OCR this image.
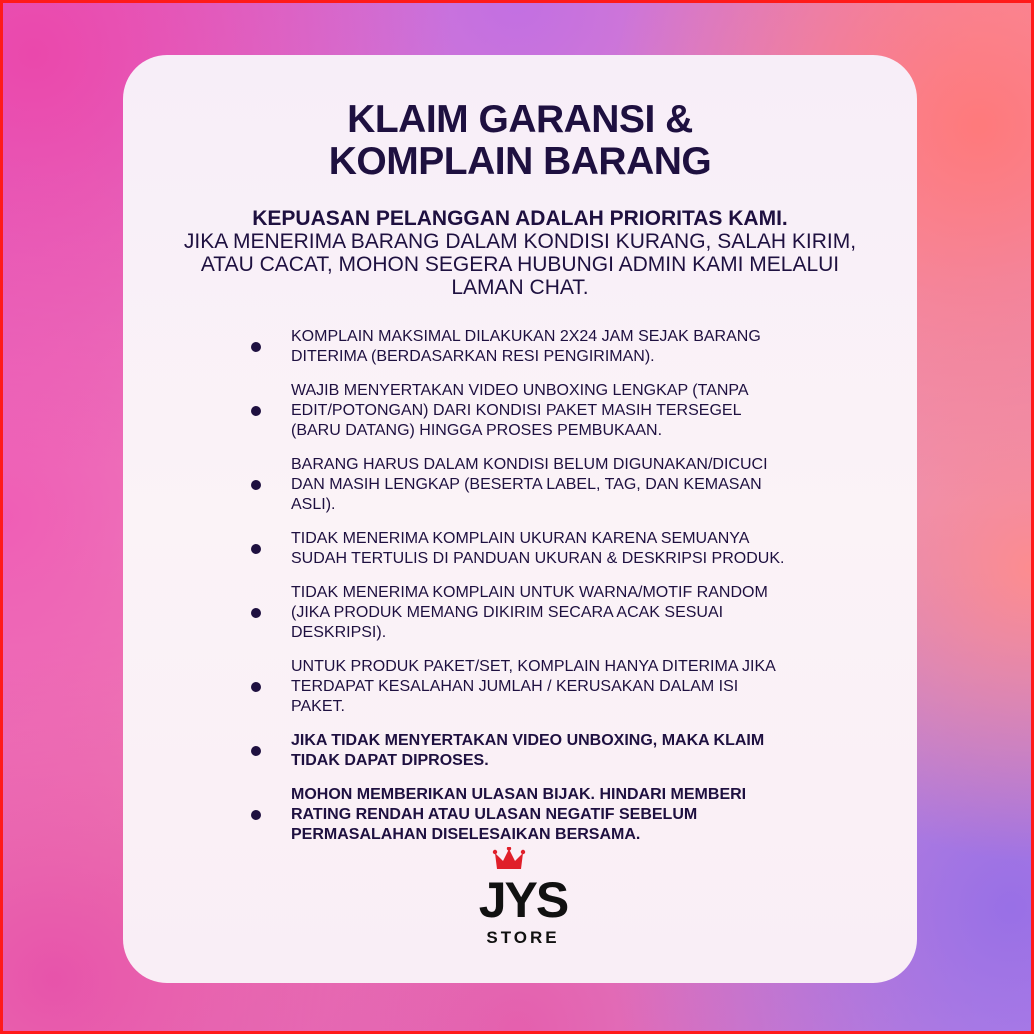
KLAIM GARANSI &
KOMPLAIN BARANG
KEPUASAN PELANGGAN ADALAH PRIORITAS KAMI.
JIKA MENERIMA BARANG DALAM KONDISI KURANG, SALAH KIRIM, ATAU CACAT, MOHON SEGERA HUBUNGI ADMIN KAMI MELALUI LAMAN CHAT.
KOMPLAIN MAKSIMAL DILAKUKAN 2X24 JAM SEJAK BARANG DITERIMA (BERDASARKAN RESI PENGIRIMAN).
WAJIB MENYERTAKAN VIDEO UNBOXING LENGKAP (TANPA EDIT/POTONGAN) DARI KONDISI PAKET MASIH TERSEGEL (BARU DATANG) HINGGA PROSES PEMBUKAAN.
BARANG HARUS DALAM KONDISI BELUM DIGUNAKAN/DICUCI DAN MASIH LENGKAP (BESERTA LABEL, TAG, DAN KEMASAN ASLI).
TIDAK MENERIMA KOMPLAIN UKURAN KARENA SEMUANYA SUDAH TERTULIS DI PANDUAN UKURAN & DESKRIPSI PRODUK.
TIDAK MENERIMA KOMPLAIN UNTUK WARNA/MOTIF RANDOM (JIKA PRODUK MEMANG DIKIRIM SECARA ACAK SESUAI DESKRIPSI).
UNTUK PRODUK PAKET/SET, KOMPLAIN HANYA DITERIMA JIKA TERDAPAT KESALAHAN JUMLAH / KERUSAKAN DALAM ISI PAKET.
JIKA TIDAK MENYERTAKAN VIDEO UNBOXING, MAKA KLAIM TIDAK DAPAT DIPROSES.
MOHON MEMBERIKAN ULASAN BIJAK. HINDARI MEMBERI RATING RENDAH ATAU ULASAN NEGATIF SEBELUM PERMASALAHAN DISELESAIKAN BERSAMA.
JYS
STORE
